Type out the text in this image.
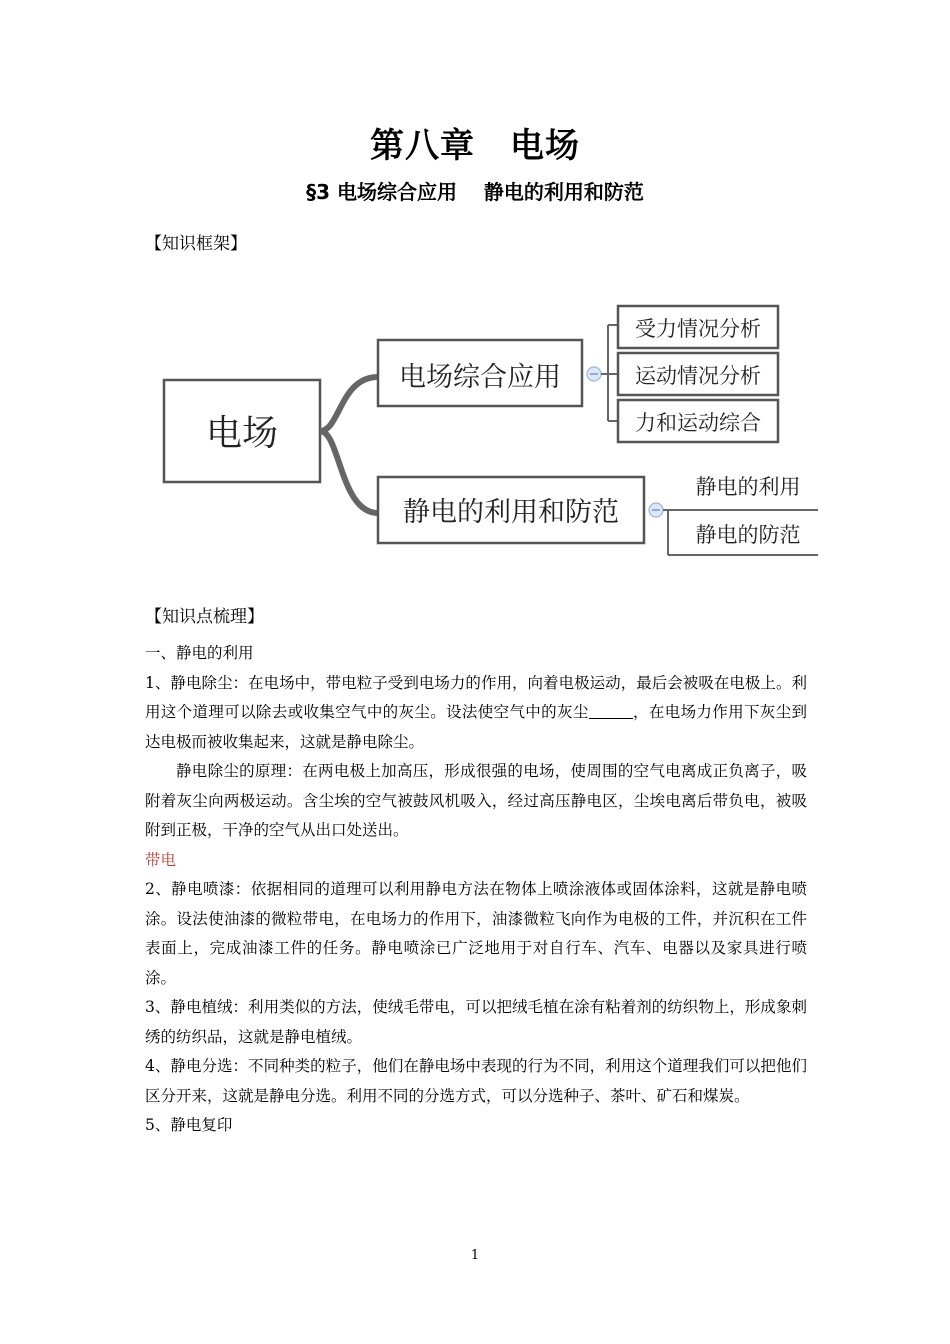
第八章　电场
§3 电场综合应用　 静电的利用和防范
【知识框架】
电场
电场综合应用
受力情况分析
运动情况分析
力和运动综合
静电的利用和防范
静电的利用
静电的防范
【知识点梳理】

一、静电的利用

1、静电除尘：在电场中，带电粒子受到电场力的作用，向着电极运动，最后会被吸在电极上。利用这个道理可以除去或收集空气中的灰尘。设法使空气中的灰尘	，在电场力作用下灰尘到达电极而被收集起来，这就是静电除尘。

静电除尘的原理：在两电极上加高压，形成很强的电场，使周围的空气电离成正负离子，吸附着灰尘向两极运动。含尘埃的空气被鼓风机吸入，经过高压静电区，尘埃电离后带负电，被吸附到正极，干净的空气从出口处送出。

带电

2、静电喷漆：依据相同的道理可以利用静电方法在物体上喷涂液体或固体涂料，这就是静电喷涂。设法使油漆的微粒带电，在电场力的作用下，油漆微粒飞向作为电极的工件，并沉积在工件表面上，完成油漆工件的任务。静电喷涂已广泛地用于对自行车、汽车、电器以及家具进行喷涂。

3、静电植绒：利用类似的方法，使绒毛带电，可以把绒毛植在涂有粘着剂的纺织物上，形成象刺绣的纺织品，这就是静电植绒。

4、静电分选：不同种类的粒子，他们在静电场中表现的行为不同，利用这个道理我们可以把他们区分开来，这就是静电分选。利用不同的分选方式，可以分选种子、茶叶、矿石和煤炭。

5、静电复印

1
